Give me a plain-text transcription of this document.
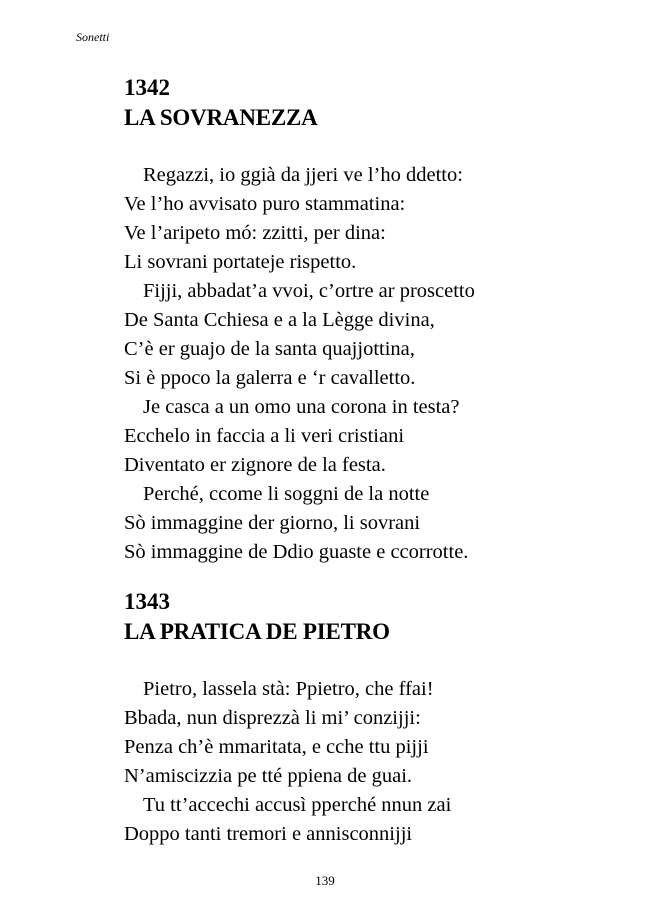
Sonetti
1342
LA SOVRANEZZA
Regazzi, io ggià da jjeri ve l’ho ddetto:
Ve l’ho avvisato puro stammatina:
Ve l’aripeto mó: zzitti, per dina:
Li sovrani portateje rispetto.
Fijji, abbadat’a vvoi, c’ortre ar proscetto
De Santa Cchiesa e a la Lègge divina,
C’è er guajo de la santa quajjottina,
Si è ppoco la galerra e ‘r cavalletto.
Je casca a un omo una corona in testa?
Ecchelo in faccia a li veri cristiani
Diventato er zignore de la festa.
Perché, ccome li soggni de la notte
Sò immaggine der giorno, li sovrani
Sò immaggine de Ddio guaste e ccorrotte.
1343
LA PRATICA DE PIETRO
Pietro, lassela stà: Ppietro, che ffai!
Bbada, nun disprezzà li mi’ conzijji:
Penza ch’è mmaritata, e cche ttu pijji
N’amiscizzia pe tté ppiena de guai.
Tu tt’accechi accusì pperché nnun zai
Doppo tanti tremori e annisconnijji
139
